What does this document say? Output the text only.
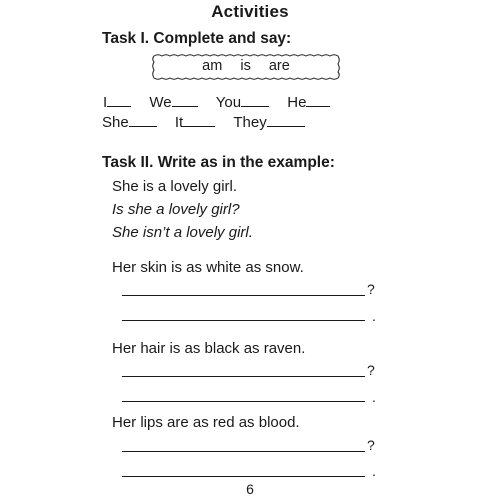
Activities
Task I. Complete and say:
am is are
I	We	You	He
She	It	They
Task II. Write as in the example:
She is a lovely girl.
Is she a lovely girl?
She isn’t a lovely girl.
Her skin is as white as snow.
?
.
Her hair is as black as raven.
?
.
Her lips are as red as blood.
?
.
6
